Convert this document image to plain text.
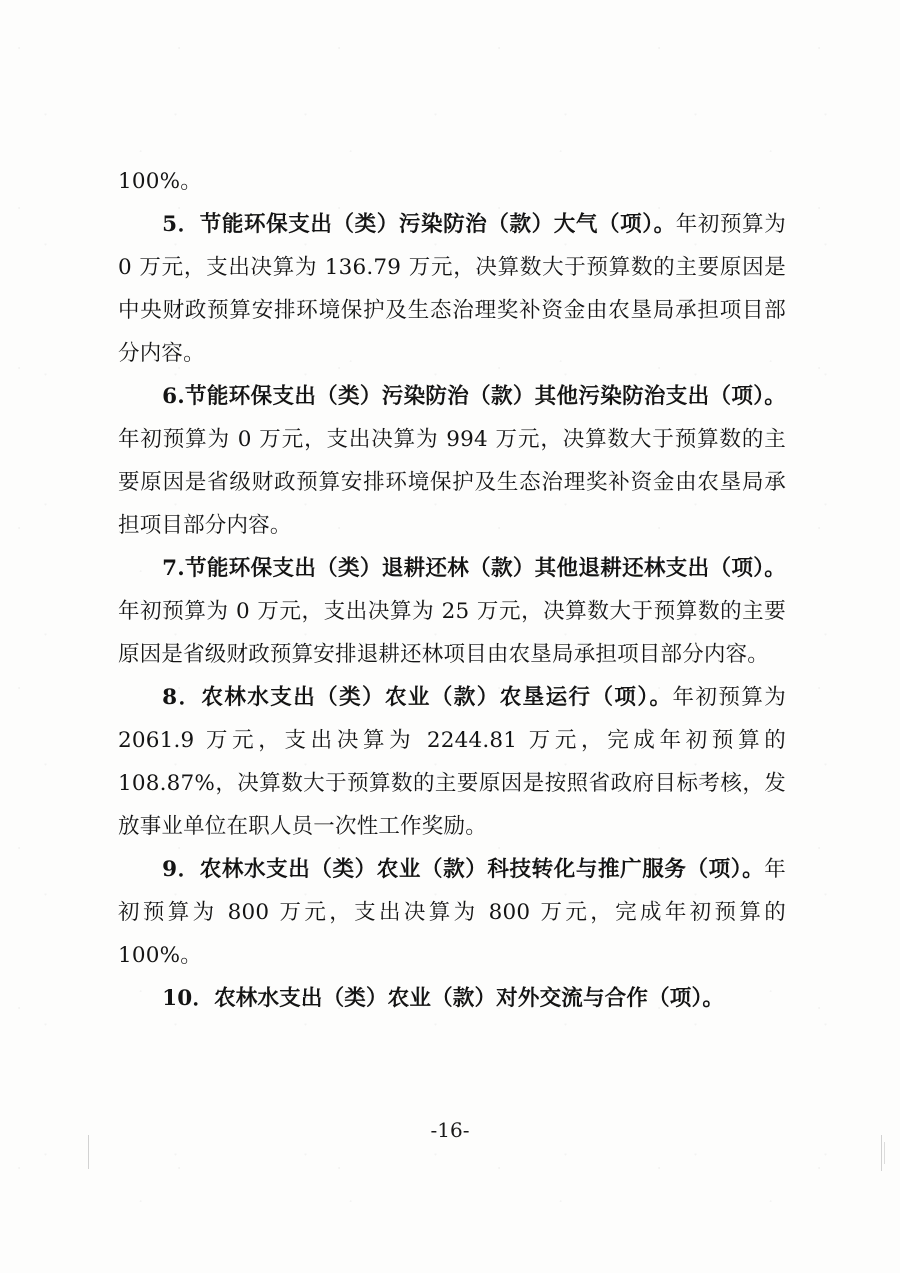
100%。

5．节能环保支出（类）污染防治（款）大气（项）。年初预算为 0 万元，支出决算为 136.79 万元，决算数大于预算数的主要原因是中央财政预算安排环境保护及生态治理奖补资金由农垦局承担项目部分内容。

6.节能环保支出（类）污染防治（款）其他污染防治支出（项）。年初预算为 0 万元，支出决算为 994 万元，决算数大于预算数的主要原因是省级财政预算安排环境保护及生态治理奖补资金由农垦局承担项目部分内容。

7.节能环保支出（类）退耕还林（款）其他退耕还林支出（项）。年初预算为 0 万元，支出决算为 25 万元，决算数大于预算数的主要原因是省级财政预算安排退耕还林项目由农垦局承担项目部分内容。

8．农林水支出（类）农业（款）农垦运行（项）。年初预算为 2061.9 万元，支出决算为 2244.81 万元，完成年初预算的 108.87%，决算数大于预算数的主要原因是按照省政府目标考核，发放事业单位在职人员一次性工作奖励。

9．农林水支出（类）农业（款）科技转化与推广服务（项）。年初预算为 800 万元，支出决算为 800 万元，完成年初预算的 100%。

10．农林水支出（类）农业（款）对外交流与合作（项）。

-16-
